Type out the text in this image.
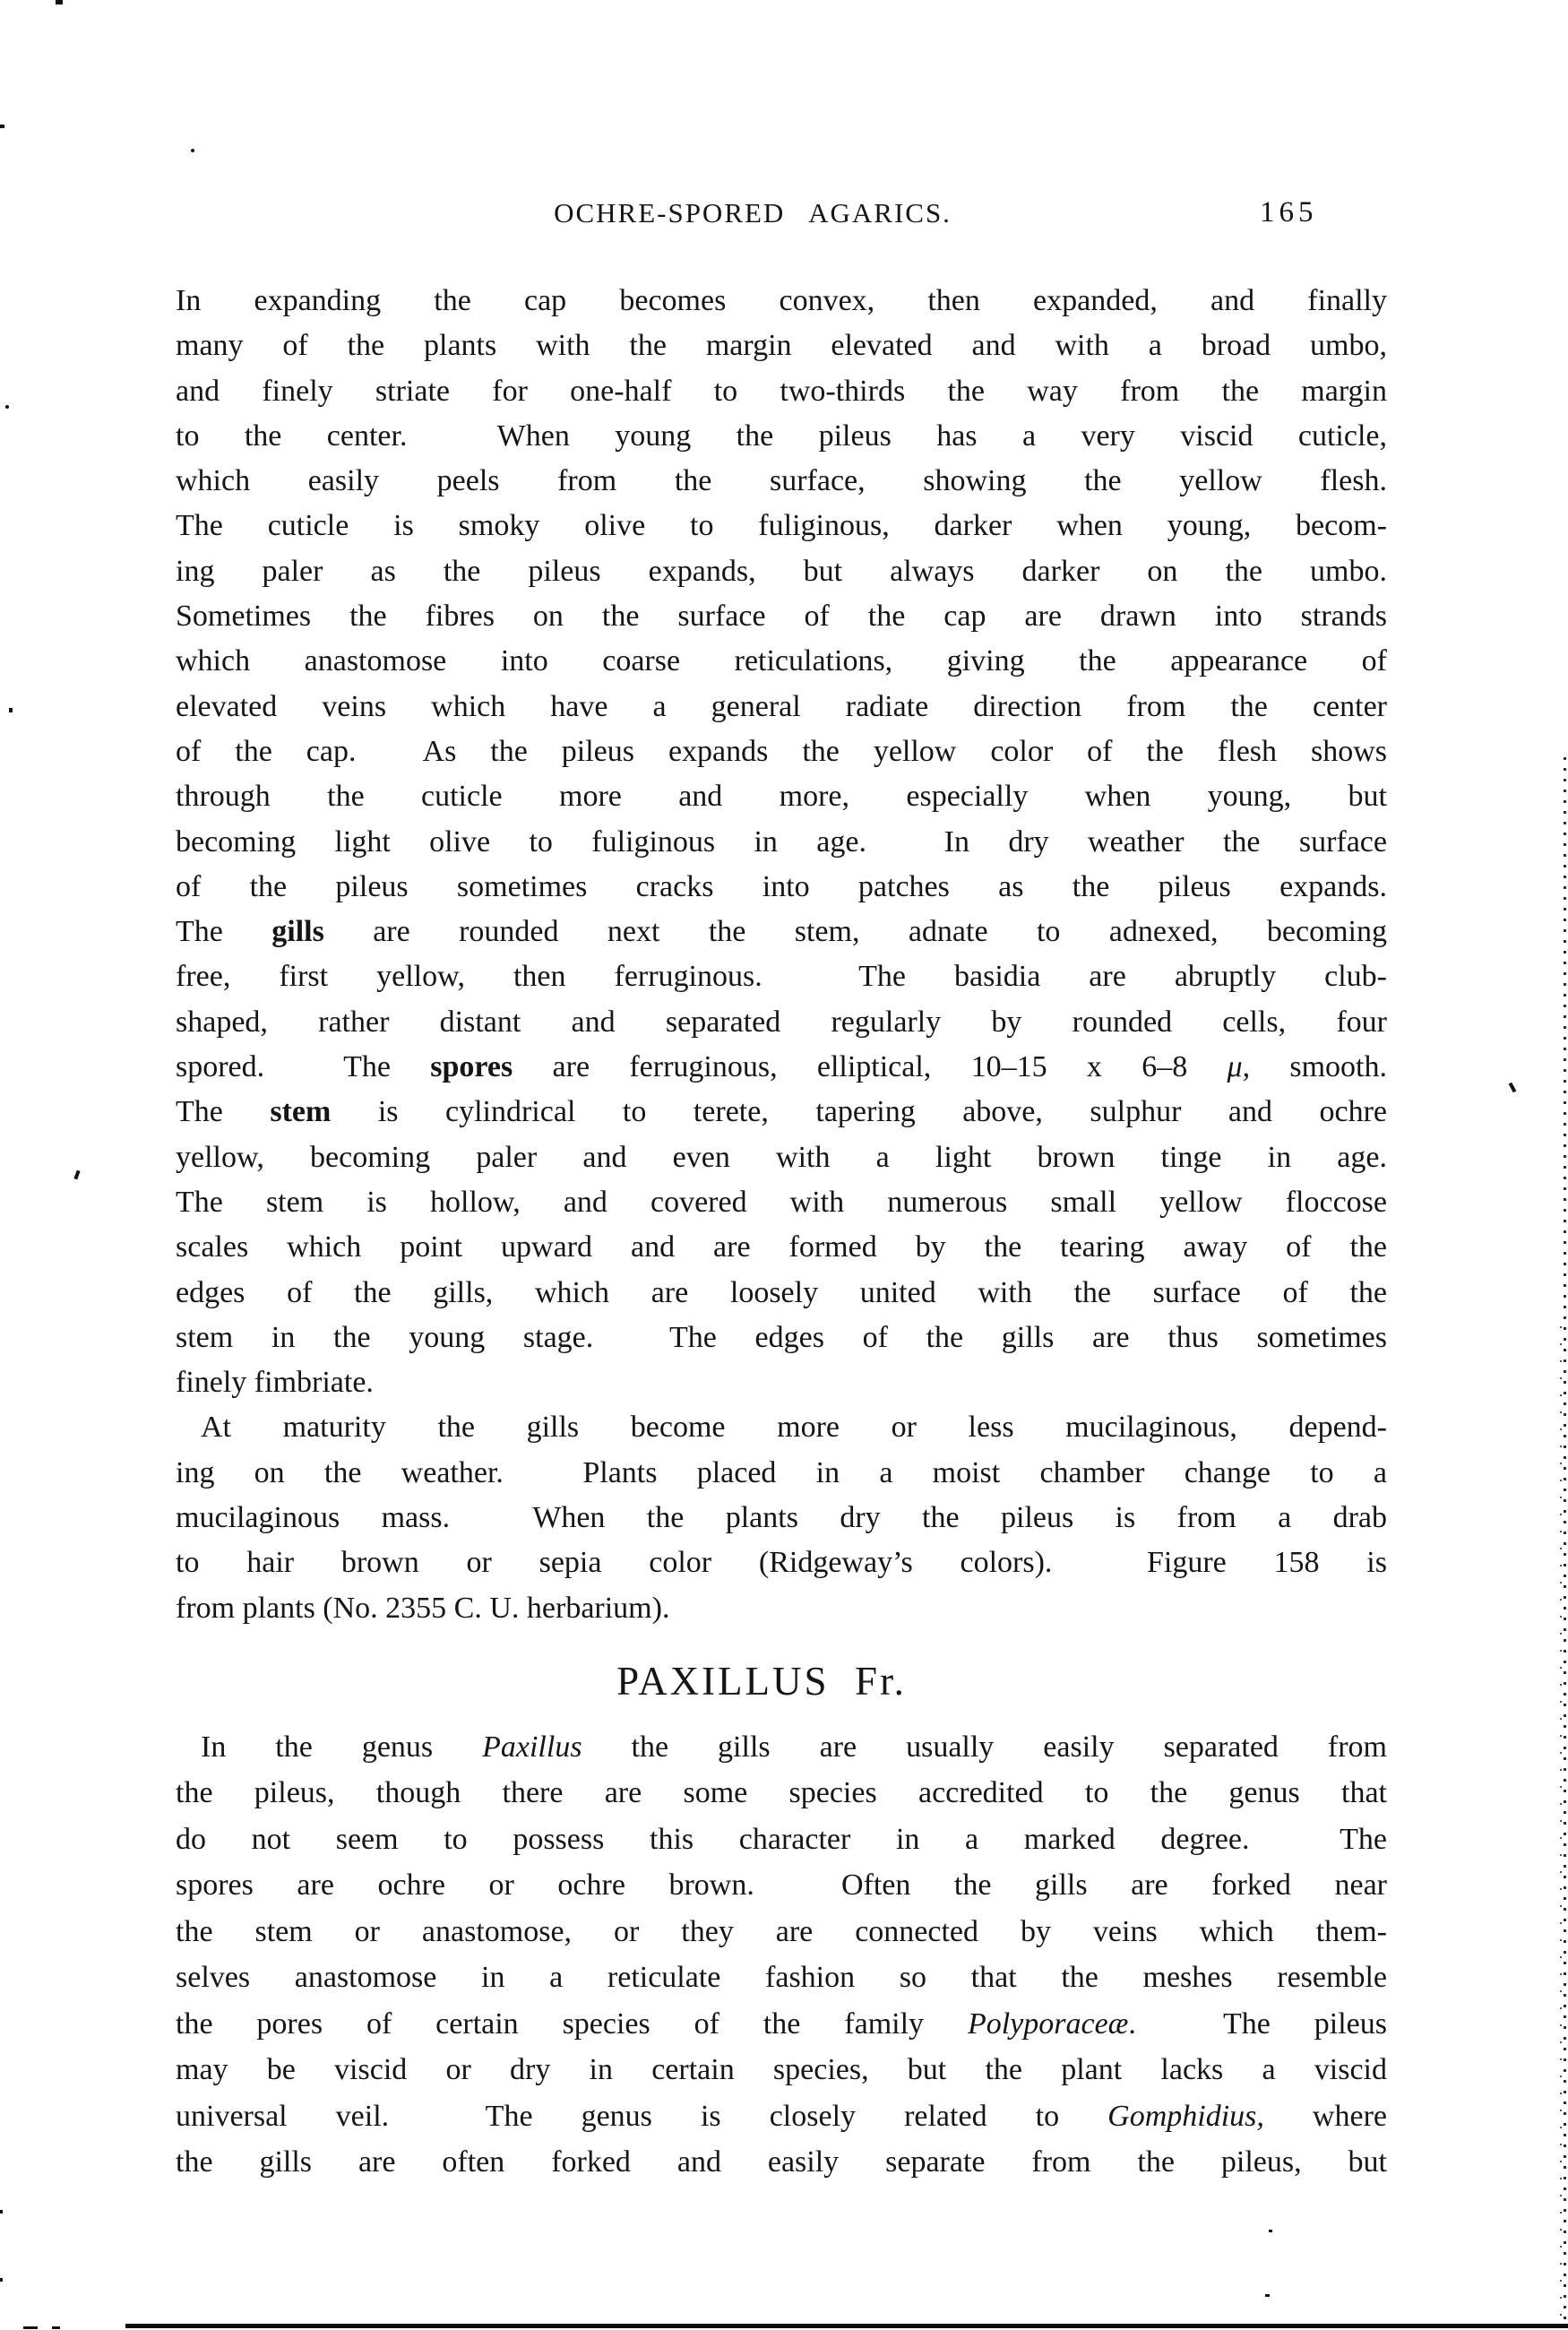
OCHRE-SPORED  AGARICS.	165
In expanding the cap becomes convex, then expanded, and finally
many of the plants with the margin elevated and with a broad umbo,
and finely striate for one-half to two-thirds the way from the margin
to the center.  When young the pileus has a very viscid cuticle,
which easily peels from the surface, showing the yellow flesh.
The cuticle is smoky olive to fuliginous, darker when young, becom-
ing paler as the pileus expands, but always darker on the umbo.
Sometimes the fibres on the surface of the cap are drawn into strands
which anastomose into coarse reticulations, giving the appearance of
elevated veins which have a general radiate direction from the center
of the cap.  As the pileus expands the yellow color of the flesh shows
through the cuticle more and more, especially when young, but
becoming light olive to fuliginous in age.  In dry weather the surface
of the pileus sometimes cracks into patches as the pileus expands.
The gills are rounded next the stem, adnate to adnexed, becoming
free, first yellow, then ferruginous.  The basidia are abruptly club-
shaped, rather distant and separated regularly by rounded cells, four
spored.  The spores are ferruginous, elliptical, 10–15 x 6–8 μ, smooth.
The stem is cylindrical to terete, tapering above, sulphur and ochre
yellow, becoming paler and even with a light brown tinge in age.
The stem is hollow, and covered with numerous small yellow floccose
scales which point upward and are formed by the tearing away of the
edges of the gills, which are loosely united with the surface of the
stem in the young stage.  The edges of the gills are thus sometimes
finely fimbriate.
At maturity the gills become more or less mucilaginous, depend-
ing on the weather.  Plants placed in a moist chamber change to a
mucilaginous mass.  When the plants dry the pileus is from a drab
to hair brown or sepia color (Ridgeway’s colors).  Figure 158 is
from plants (No. 2355 C. U. herbarium).
PAXILLUS  Fr.
In the genus Paxillus the gills are usually easily separated from
the pileus, though there are some species accredited to the genus that
do not seem to possess this character in a marked degree.  The
spores are ochre or ochre brown.  Often the gills are forked near
the stem or anastomose, or they are connected by veins which them-
selves anastomose in a reticulate fashion so that the meshes resemble
the pores of certain species of the family Polyporaceæ.  The pileus
may be viscid or dry in certain species, but the plant lacks a viscid
universal veil.  The genus is closely related to Gomphidius, where
the gills are often forked and easily separate from the pileus, but
